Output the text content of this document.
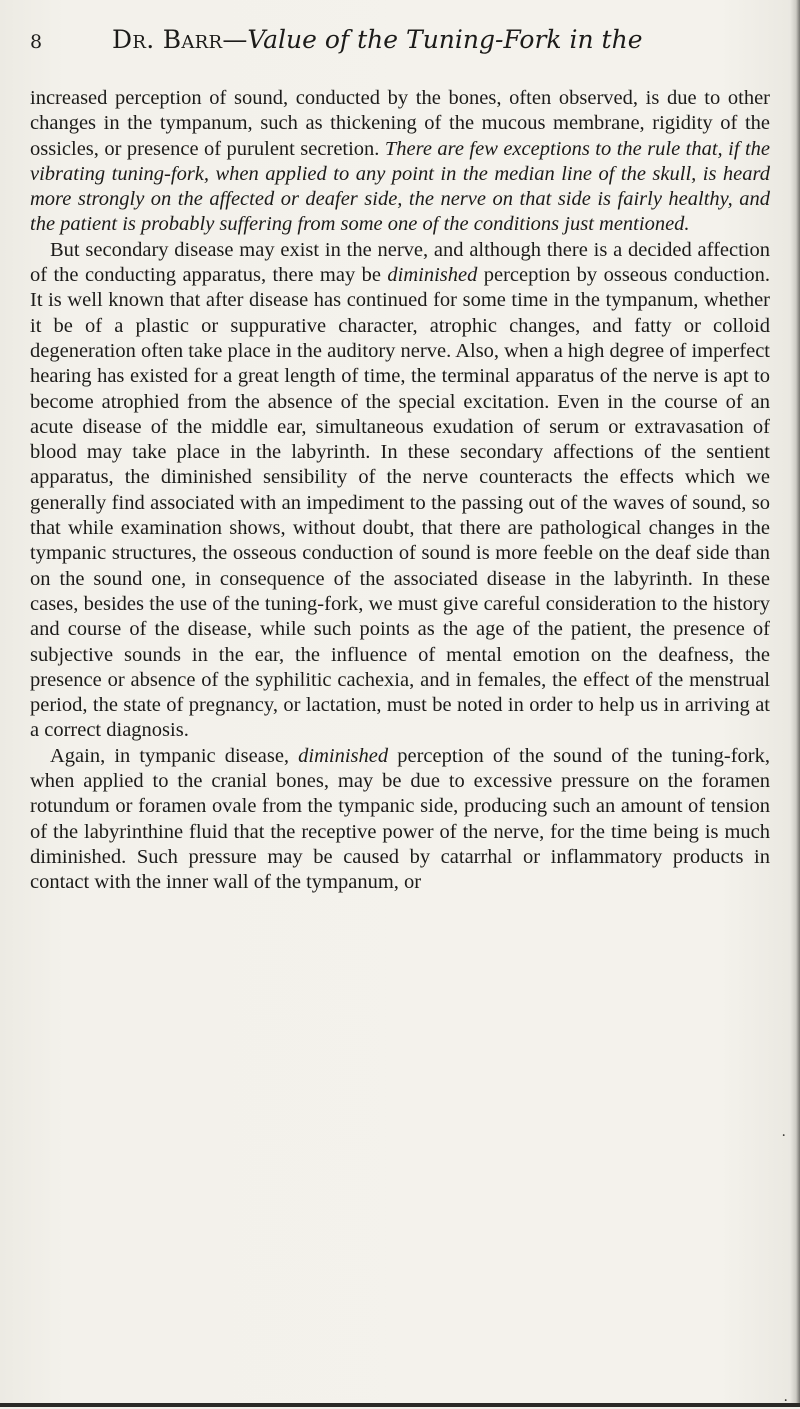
8	Dr. Barr—Value of the Tuning-Fork in the

increased perception of sound, conducted by the bones, often observed, is due to other changes in the tympanum, such as thickening of the mucous membrane, rigidity of the ossicles, or presence of purulent secretion. There are few exceptions to the rule that, if the vibrating tuning-fork, when applied to any point in the median line of the skull, is heard more strongly on the affected or deafer side, the nerve on that side is fairly healthy, and the patient is probably suffering from some one of the conditions just mentioned.

But secondary disease may exist in the nerve, and although there is a decided affection of the conducting apparatus, there may be diminished perception by osseous conduction. It is well known that after disease has continued for some time in the tympanum, whether it be of a plastic or suppurative character, atrophic changes, and fatty or colloid degeneration often take place in the auditory nerve. Also, when a high degree of imperfect hearing has existed for a great length of time, the terminal apparatus of the nerve is apt to become atrophied from the absence of the special excitation. Even in the course of an acute disease of the middle ear, simultaneous exudation of serum or extravasation of blood may take place in the labyrinth. In these secondary affections of the sentient apparatus, the diminished sensibility of the nerve counteracts the effects which we generally find associated with an impediment to the passing out of the waves of sound, so that while examination shows, without doubt, that there are pathological changes in the tympanic structures, the osseous conduction of sound is more feeble on the deaf side than on the sound one, in consequence of the associated disease in the labyrinth. In these cases, besides the use of the tuning-fork, we must give careful consideration to the history and course of the disease, while such points as the age of the patient, the presence of subjective sounds in the ear, the influence of mental emotion on the deafness, the presence or absence of the syphilitic cachexia, and in females, the effect of the menstrual period, the state of pregnancy, or lactation, must be noted in order to help us in arriving at a correct diagnosis.

Again, in tympanic disease, diminished perception of the sound of the tuning-fork, when applied to the cranial bones, may be due to excessive pressure on the foramen rotundum or foramen ovale from the tympanic side, producing such an amount of tension of the labyrinthine fluid that the receptive power of the nerve, for the time being is much diminished. Such pressure may be caused by catarrhal or inflammatory products in contact with the inner wall of the tympanum, or

·
·
